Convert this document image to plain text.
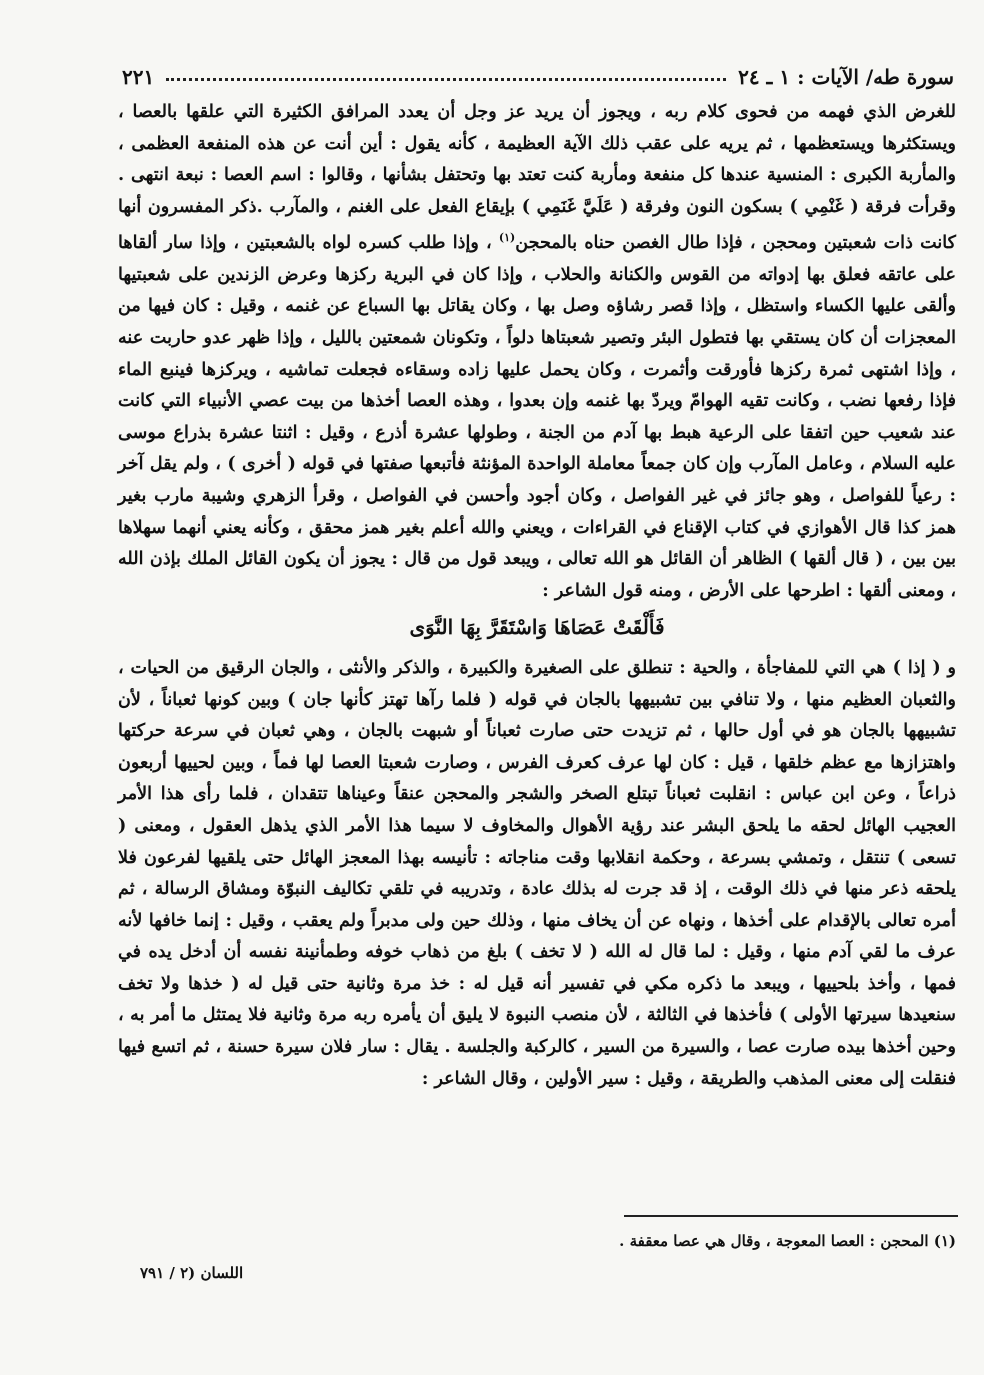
سورة طه/ الآيات : ١ ـ ٢٤
٢٢١

للغرض الذي فهمه من فحوى كلام ربه ، ويجوز أن يريد عز وجل أن يعدد المرافق الكثيرة التي علقها بالعصا ، ويستكثرها ويستعظمها ، ثم يريه على عقب ذلك الآية العظيمة ، كأنه يقول : أين أنت عن هذه المنفعة العظمى ، والمأربة الكبرى : المنسية عندها كل منفعة ومأربة كنت تعتد بها وتحتفل بشأنها ، وقالوا : اسم العصا : نبعة انتهى . وقرأت فرقة ( غَنْمِي ) بسكون النون وفرقة ( عَلَيَّ غَنَمِي ) بإيقاع الفعل على الغنم ، والمآرب .ذكر المفسرون أنها كانت ذات شعبتين ومحجن ، فإذا طال الغصن حناه بالمحجن$^{(١)}$ ، وإذا طلب كسره لواه بالشعبتين ، وإذا سار ألقاها على عاتقه فعلق بها إدواته من القوس والكنانة والحلاب ، وإذا كان في البرية ركزها وعرض الزندين على شعبتيها وألقى عليها الكساء واستظل ، وإذا قصر رشاؤه وصل بها ، وكان يقاتل بها السباع عن غنمه ، وقيل : كان فيها من المعجزات أن كان يستقي بها فتطول البئر وتصير شعبتاها دلواً ، وتكونان شمعتين بالليل ، وإذا ظهر عدو حاربت عنه ، وإذا اشتهى ثمرة ركزها فأورقت وأثمرت ، وكان يحمل عليها زاده وسقاءه فجعلت تماشيه ، ويركزها فينبع الماء فإذا رفعها نضب ، وكانت تقيه الهوامّ ويردّ بها غنمه وإن بعدوا ، وهذه العصا أخذها من بيت عصي الأنبياء التي كانت عند شعيب حين اتفقا على الرعية هبط بها آدم من الجنة ، وطولها عشرة أذرع ، وقيل : اثنتا عشرة بذراع موسى عليه السلام ، وعامل المآرب وإن كان جمعاً معاملة الواحدة المؤنثة فأتبعها صفتها في قوله ( أخرى ) ، ولم يقل آخر : رعياً للفواصل ، وهو جائز في غير الفواصل ، وكان أجود وأحسن في الفواصل ، وقرأ الزهري وشيبة مارب بغير همز كذا قال الأهوازي في كتاب الإقناع في القراءات ، ويعني والله أعلم بغير همز محقق ، وكأنه يعني أنهما سهلاها بين بين ، ( قال ألقها ) الظاهر أن القائل هو الله تعالى ، ويبعد قول من قال : يجوز أن يكون القائل الملك بإذن الله ، ومعنى ألقها : اطرحها على الأرض ، ومنه قول الشاعر :

فَأَلْقَتْ عَصَاهَا وَاسْتَقَرَّ بِهَا النَّوَى

و ( إذا ) هي التي للمفاجأة ، والحية : تنطلق على الصغيرة والكبيرة ، والذكر والأنثى ، والجان الرقيق من الحيات ، والثعبان العظيم منها ، ولا تنافي بين تشبيهها بالجان في قوله ( فلما رآها تهتز كأنها جان ) وبين كونها ثعباناً ، لأن تشبيهها بالجان هو في أول حالها ، ثم تزيدت حتى صارت ثعباناً أو شبهت بالجان ، وهي ثعبان في سرعة حركتها واهتزازها مع عظم خلقها ، قيل : كان لها عرف كعرف الفرس ، وصارت شعبتا العصا لها فماً ، وبين لحييها أربعون ذراعاً ، وعن ابن عباس : انقلبت ثعباناً تبتلع الصخر والشجر والمحجن عنقاً وعيناها تتقدان ، فلما رأى هذا الأمر العجيب الهائل لحقه ما يلحق البشر عند رؤية الأهوال والمخاوف لا سيما هذا الأمر الذي يذهل العقول ، ومعنى ( تسعى ) تنتقل ، وتمشي بسرعة ، وحكمة انقلابها وقت مناجاته : تأنيسه بهذا المعجز الهائل حتى يلقيها لفرعون فلا يلحقه ذعر منها في ذلك الوقت ، إذ قد جرت له بذلك عادة ، وتدريبه في تلقي تكاليف النبوّة ومشاق الرسالة ، ثم أمره تعالى بالإقدام على أخذها ، ونهاه عن أن يخاف منها ، وذلك حين ولى مدبراً ولم يعقب ، وقيل : إنما خافها لأنه عرف ما لقي آدم منها ، وقيل : لما قال له الله ( لا تخف ) بلغ من ذهاب خوفه وطمأنينة نفسه أن أدخل يده في فمها ، وأخذ بلحييها ، ويبعد ما ذكره مكي في تفسير أنه قيل له : خذ مرة وثانية حتى قيل له ( خذها ولا تخف سنعيدها سيرتها الأولى ) فأخذها في الثالثة ، لأن منصب النبوة لا يليق أن يأمره ربه مرة وثانية فلا يمتثل ما أمر به ، وحين أخذها بيده صارت عصا ، والسيرة من السير ، كالركبة والجلسة . يقال : سار فلان سيرة حسنة ، ثم اتسع فيها فنقلت إلى معنى المذهب والطريقة ، وقيل : سير الأولين ، وقال الشاعر :

(١) المحجن : العصا المعوجة ، وقال هي عصا معقفة .
اللسان (٢ / ٧٩١
